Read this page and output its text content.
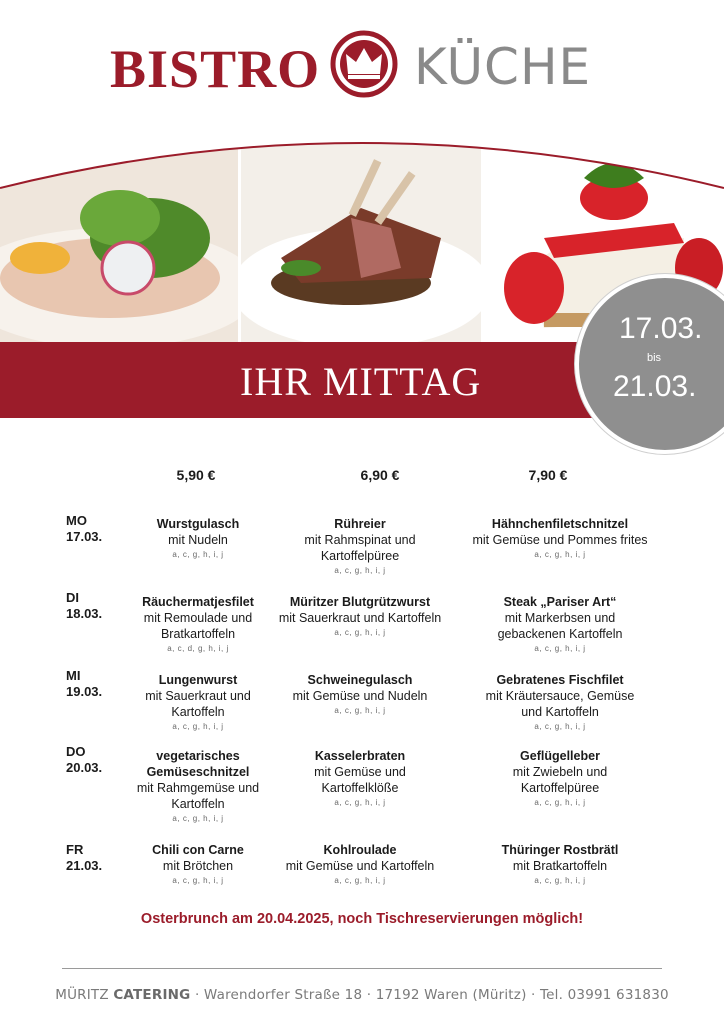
BISTRO KÜCHE
IHR MITTAG
17.03.
bis
21.03.
5,90 €	6,90 €	7,90 €
MO
17.03.
Wurstgulasch
mit Nudeln
a, c, g, h, i, j
Rühreier
mit Rahmspinat und Kartoffelpüree
a, c, g, h, i, j
Hähnchenfiletschnitzel
mit Gemüse und Pommes frites
a, c, g, h, i, j
DI
18.03.
Räuchermatjesfilet
mit Remoulade und Bratkartoffeln
a, c, d, g, h, i, j
Müritzer Blutgrützwurst
mit Sauerkraut und Kartoffeln
a, c, g, h, i, j
Steak „Pariser Art“
mit Markerbsen und gebackenen Kartoffeln
a, c, g, h, i, j
MI
19.03.
Lungenwurst
mit Sauerkraut und Kartoffeln
a, c, g, h, i, j
Schweinegulasch
mit Gemüse und Nudeln
a, c, g, h, i, j
Gebratenes Fischfilet
mit Kräutersauce, Gemüse und Kartoffeln
a, c, g, h, i, j
DO
20.03.
vegetarisches Gemüseschnitzel
mit Rahmgemüse und Kartoffeln
a, c, g, h, i, j
Kasselerbraten
mit Gemüse und Kartoffelklöße
a, c, g, h, i, j
Geflügelleber
mit Zwiebeln und Kartoffelpüree
a, c, g, h, i, j
FR
21.03.
Chili con Carne
mit Brötchen
a, c, g, h, i, j
Kohlroulade
mit Gemüse und Kartoffeln
a, c, g, h, i, j
Thüringer Rostbrätl
mit Bratkartoffeln
a, c, g, h, i, j
Osterbrunch am 20.04.2025, noch Tischreservierungen möglich!
MÜRITZ CATERING · Warendorfer Straße 18 · 17192 Waren (Müritz) · Tel. 03991 631830
